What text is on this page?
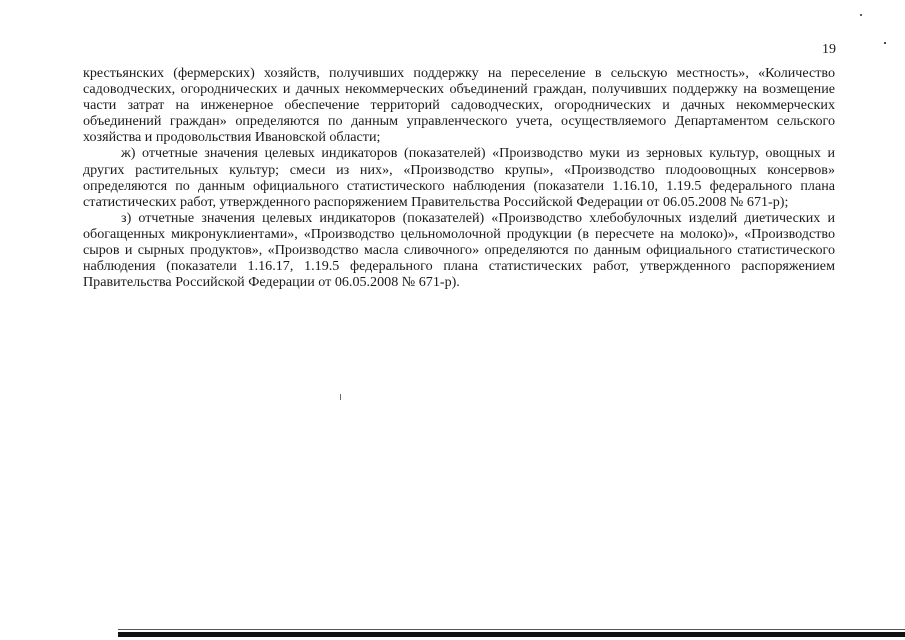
19

крестьянских (фермерских) хозяйств, получивших поддержку на переселение в сельскую местность», «Количество садоводческих, огороднических и дачных некоммерческих объединений граждан, получивших поддержку на возмещение части затрат на инженерное обеспечение территорий садоводческих, огороднических и дачных некоммерческих объединений граждан» определяются по данным управленческого учета, осуществляемого Департаментом сельского хозяйства и продовольствия Ивановской области;

ж) отчетные значения целевых индикаторов (показателей) «Производство муки из зерновых культур, овощных и других растительных культур; смеси из них», «Производство крупы», «Производство плодоовощных консервов» определяются по данным официального статистического наблюдения (показатели 1.16.10, 1.19.5 федерального плана статистических работ, утвержденного распоряжением Правительства Российской Федерации от 06.05.2008 № 671-р);

з) отчетные значения целевых индикаторов (показателей) «Производство хлебобулочных изделий диетических и обогащенных микронуклиентами», «Производство цельномолочной продукции (в пересчете на молоко)», «Производство сыров и сырных продуктов», «Производство масла сливочного» определяются по данным официального статистического наблюдения (показатели 1.16.17, 1.19.5 федерального плана статистических работ, утвержденного распоряжением Правительства Российской Федерации от 06.05.2008 № 671-р).
